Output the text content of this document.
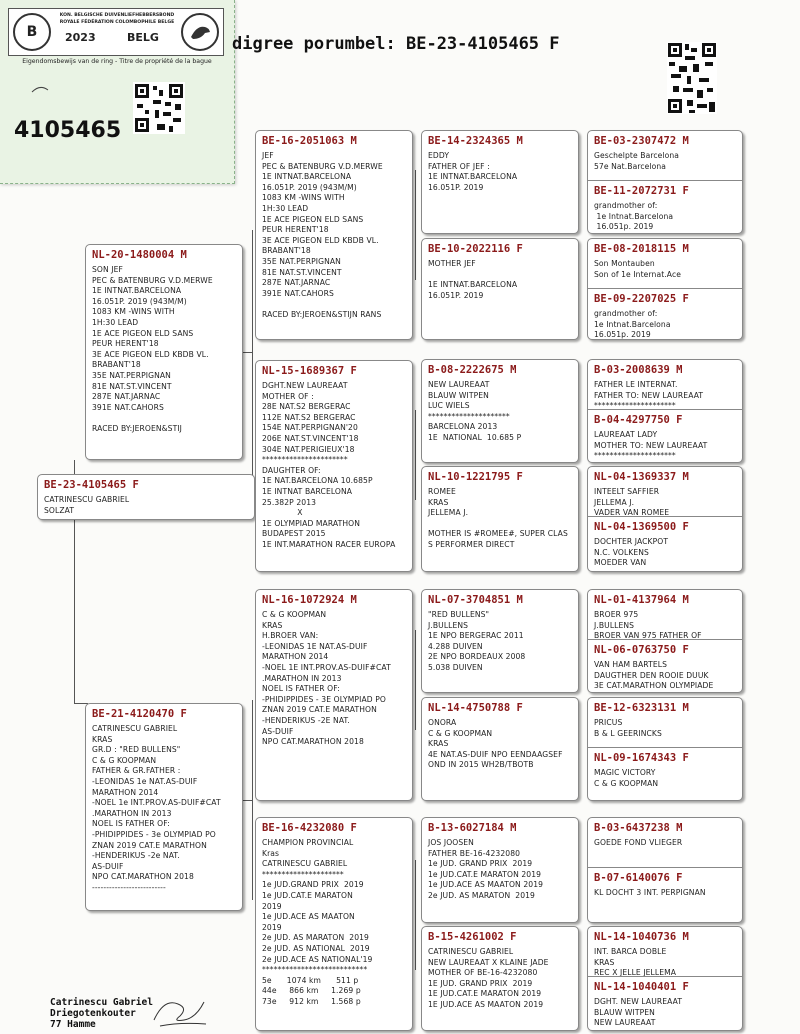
B
KON. BELGISCHE DUIVENLIEFHEBBERSBOND
ROYALE FÉDÉRATION COLOMBOPHILE BELGE
2023	BELG
Eigendomsbewijs van de ring - Titre de propriété de la bague
4105465
digree porumbel: BE-23-4105465 F
BE-23-4105465 F
CATRINESCU GABRIEL
SOLZAT
NL-20-1480004 M
SON JEF
PEC & BATENBURG V.D.MERWE
1E INTNAT.BARCELONA
16.051P. 2019 (943M/M)
1083 KM -WINS WITH
1H:30 LEAD
1E ACE PIGEON ELD SANS
PEUR HERENT'18
3E ACE PIGEON ELD KBDB VL.
BRABANT'18
35E NAT.PERPIGNAN
81E NAT.ST.VINCENT
287E NAT.JARNAC
391E NAT.CAHORS

RACED BY:JEROEN&STIJ
BE-21-4120470 F
CATRINESCU GABRIEL
KRAS
GR.D : "RED BULLENS"
C & G KOOPMAN
FATHER & GR.FATHER :
-LEONIDAS 1e NAT.AS-DUIF
MARATHON 2014
-NOEL 1e INT.PROV.AS-DUIF#CAT
.MARATHON IN 2013
NOEL IS FATHER OF:
-PHIDIPPIDES - 3e OLYMPIAD PO
ZNAN 2019 CAT.E MARATHON
-HENDERIKUS -2e NAT.
AS-DUIF
NPO CAT.MARATHON 2018
--------------------------
BE-16-2051063 M
JEF
PEC & BATENBURG V.D.MERWE
1E INTNAT.BARCELONA
16.051P. 2019 (943M/M)
1083 KM -WINS WITH
1H:30 LEAD
1E ACE PIGEON ELD SANS
PEUR HERENT'18
3E ACE PIGEON ELD KBDB VL.
BRABANT'18
35E NAT.PERPIGNAN
81E NAT.ST.VINCENT
287E NAT.JARNAC
391E NAT.CAHORS

RACED BY:JEROEN&STIJN RANS
NL-15-1689367 F
DGHT.NEW LAUREAAT
MOTHER OF :
28E NAT.S2 BERGERAC
112E NAT.S2 BERGERAC
154E NAT.PERPIGNAN'20
206E NAT.ST.VINCENT'18
304E NAT.PERIGIEUX'18
**********************
DAUGHTER OF:
1E NAT.BARCELONA 10.685P
1E INTNAT BARCELONA
25.382P 2013
X
1E OLYMPIAD MARATHON
BUDAPEST 2015
1E INT.MARATHON RACER EUROPA
NL-16-1072924 M
C & G KOOPMAN
KRAS
H.BROER VAN:
-LEONIDAS 1E NAT.AS-DUIF
MARATHON 2014
-NOEL 1E INT.PROV.AS-DUIF#CAT
.MARATHON IN 2013
NOEL IS FATHER OF:
-PHIDIPPIDES - 3E OLYMPIAD PO
ZNAN 2019 CAT.E MARATHON
-HENDERIKUS -2E NAT.
AS-DUIF
NPO CAT.MARATHON 2018
BE-16-4232080 F
CHAMPION PROVINCIAL
Kras
CATRINESCU GABRIEL
*********************
1e JUD.GRAND PRIX  2019
1e JUD.CAT.E MARATON
2019
1e JUD.ACE AS MAATON
2019
2e JUD. AS MARATON  2019
2e JUD. AS NATIONAL  2019
2e JUD.ACE AS NATIONAL'19
***************************
5e      1074 km      511 p
44e     866 km     1.269 p
73e     912 km     1.568 p
BE-14-2324365 M
EDDY
FATHER OF JEF :
1E INTNAT.BARCELONA
16.051P. 2019
BE-10-2022116 F
MOTHER JEF

1E INTNAT.BARCELONA
16.051P. 2019
B-08-2222675 M
NEW LAUREAAT
BLAUW WITPEN
LUC WIELS
*********************
BARCELONA 2013
1E  NATIONAL  10.685 P
NL-10-1221795 F
ROMEE
KRAS
JELLEMA J.

MOTHER IS #ROMEE#, SUPER CLAS
S PERFORMER DIRECT
NL-07-3704851 M
"RED BULLENS"
J.BULLENS
1E NPO BERGERAC 2011
4.288 DUIVEN
2E NPO BORDEAUX 2008
5.038 DUIVEN
NL-14-4750788 F
ONORA
C & G KOOPMAN
KRAS
4E NAT.AS-DUIF NPO EENDAAGSEF
OND IN 2015 WH2B/TBOTB
B-13-6027184 M
JOS JOOSEN
FATHER BE-16-4232080
1e JUD. GRAND PRIX  2019
1e JUD.CAT.E MARATON 2019
1e JUD.ACE AS MAATON 2019
2e JUD. AS MARATON  2019
B-15-4261002 F
CATRINESCU GABRIEL
NEW LAUREAAT X KLAINE JADE
MOTHER OF BE-16-4232080
1E JUD. GRAND PRIX  2019
1E JUD.CAT.E MARATON 2019
1E JUD.ACE AS MAATON 2019
BE-03-2307472 M
Geschelpte Barcelona
57e Nat.Barcelona
BE-11-2072731 F
grandmother of:
1e Intnat.Barcelona
16.051p. 2019
BE-08-2018115 M
Son Montauben
Son of 1e Internat.Ace
BE-09-2207025 F
grandmother of:
1e Intnat.Barcelona
16.051p. 2019
B-03-2008639 M
FATHER LE INTERNAT.
FATHER TO: NEW LAUREAAT
*********************
B-04-4297750 F
LAUREAAT LADY
MOTHER TO: NEW LAUREAAT
*********************
NL-04-1369337 M
INTEELT SAFFIER
JELLEMA J.
VADER VAN ROMEE
NL-04-1369500 F
DOCHTER JACKPOT
N.C. VOLKENS
MOEDER VAN
NL-01-4137964 M
BROER 975
J.BULLENS
BROER VAN 975 FATHER OF
NL-06-0763750 F
VAN HAM BARTELS
DAUGTHER DEN ROOIE DUUK
3E CAT.MARATHON OLYMPIADE
BE-12-6323131 M
PRICUS
B & L GEERINCKS
NL-09-1674343 F
MAGIC VICTORY
C & G KOOPMAN
B-03-6437238 M
GOEDE FOND VLIEGER
B-07-6140076 F
KL DOCHT 3 INT. PERPIGNAN
NL-14-1040736 M
INT. BARCA DOBLE
KRAS
REC X JELLE JELLEMA
NL-14-1040401 F
DGHT. NEW LAUREAAT
BLAUW WITPEN
NEW LAUREAAT
Catrinescu Gabriel
Driegotenkouter
77 Hamme
